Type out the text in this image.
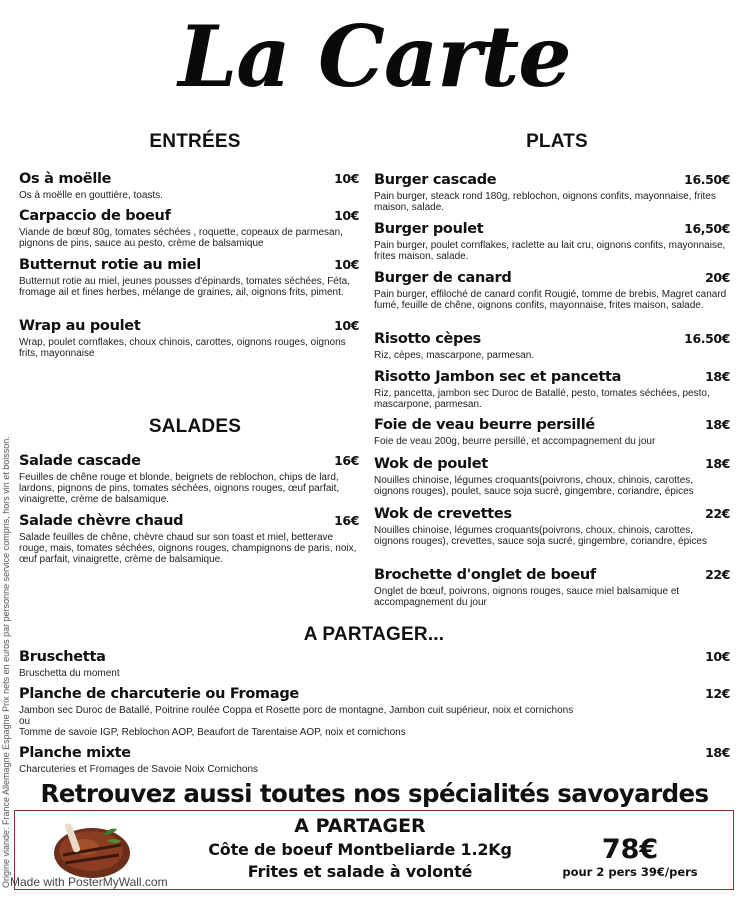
La Carte
Origine viande: France Allemagne Espagne Prix nets en euros par personne service compris, hors vin et boisson.
ENTRÉES
Os à moëlle	10€
Os à moëlle en gouttière, toasts.
Carpaccio de boeuf	10€
Viande de bœuf 80g, tomates séchées , roquette, copeaux de parmesan, pignons de pins, sauce au pesto, crème de balsamique
Butternut rotie au miel	10€
Butternut rotie au miel, jeunes pousses d'épinards, tomates séchées, Féta, fromage ail et fines herbes, mélange de graines, ail, oignons frits, piment.
Wrap au poulet	10€
Wrap, poulet cornflakes, choux chinois, carottes, oignons rouges, oignons frits, mayonnaise
SALADES
Salade cascade	16€
Feuilles de chêne rouge et blonde, beignets de reblochon, chips de lard, lardons, pignons de pins, tomates séchées, oignons rouges, œuf parfait, vinaigrette, crème de balsamique.
Salade chèvre chaud	16€
Salade feuilles de chêne, chèvre chaud sur son toast et miel, betterave rouge, mais, tomates séchées, oignons rouges, champignons de paris, noix, œuf parfait, vinaigrette, crème de balsamique.
PLATS
Burger cascade	16.50€
Pain burger, steack rond 180g, reblochon, oignons confits, mayonnaise, frites maison, salade.
Burger poulet	16,50€
Pain burger, poulet cornflakes, raclette au lait cru, oignons confits, mayonnaise, frites maison, salade.
Burger de canard	20€
Pain burger, effiloché de canard confit Rougié, tomme de brebis, Magret canard fumé, feuille de chêne, oignons confits, mayonnaise, frites maison, salade.
Risotto cèpes	16.50€
Riz, cèpes, mascarpone, parmesan.
Risotto Jambon sec et pancetta	18€
Riz, pancetta, jambon sec Duroc de Batallé, pesto, tomates séchées, pesto, mascarpone, parmesan.
Foie de veau beurre persillé	18€
Foie de veau 200g, beurre persillé, et accompagnement du jour
Wok de poulet	18€
Nouilles chinoise, légumes croquants(poivrons, choux, chinois, carottes, oignons rouges), poulet, sauce soja sucré, gingembre, coriandre, épices
Wok de crevettes	22€
Nouilles chinoise, légumes croquants(poivrons, choux, chinois, carottes, oignons rouges), crevettes, sauce soja sucré, gingembre, coriandre, épices
Brochette d'onglet de boeuf	22€
Onglet de bœuf, poivrons, oignons rouges, sauce miel balsamique et accompagnement du jour
A PARTAGER...
Bruschetta	10€
Bruschetta du moment
Planche de charcuterie ou Fromage	12€
Jambon sec Duroc de Batallé, Poitrine roulée Coppa et Rosette porc de montagne, Jambon cuit supérieur, noix et cornichons
ou
Tomme de savoie IGP, Reblochon AOP, Beaufort de Tarentaise AOP, noix et cornichons
Planche mixte	18€
Charcuteries et Fromages de Savoie Noix Cornichons
Retrouvez aussi toutes nos spécialités savoyardes
A PARTAGER
Côte de boeuf Montbeliarde 1.2Kg
Frites et salade à volonté
78€
pour 2 pers 39€/pers
Made with PosterMyWall.com
